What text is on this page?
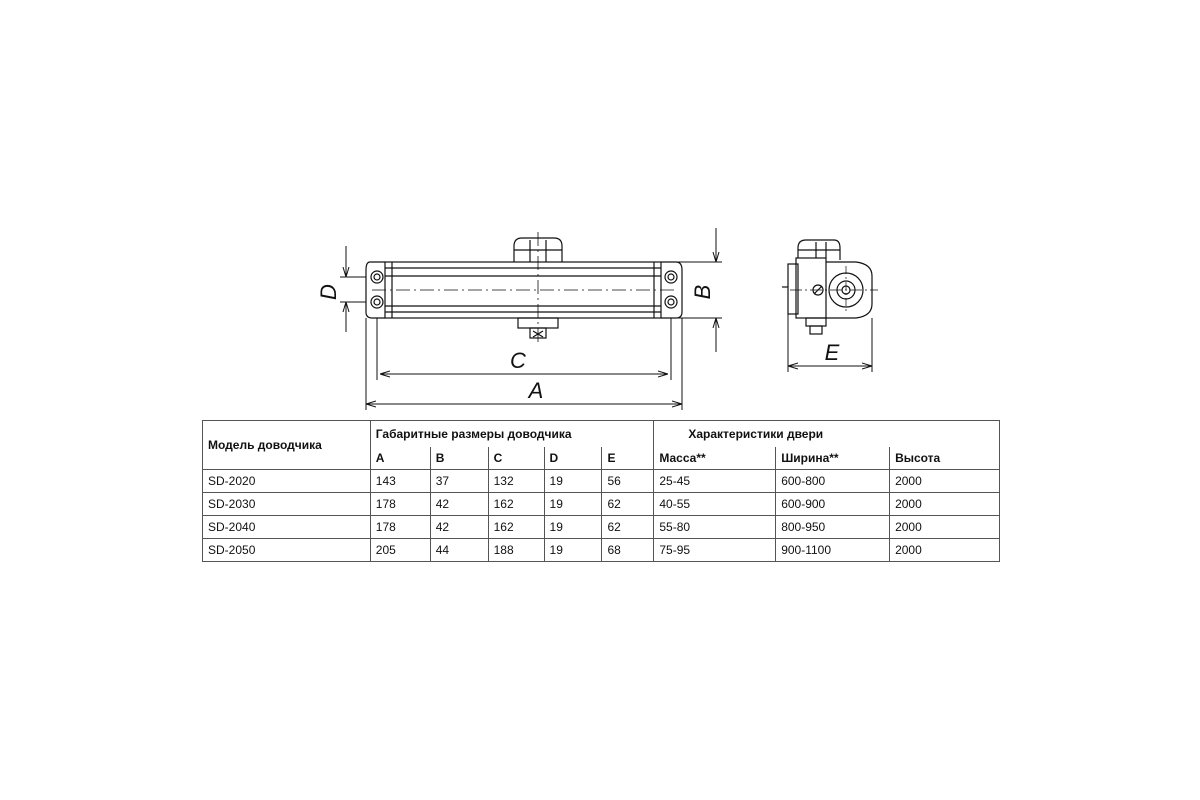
D	B
C
A
E
Модель доводчика	Габаритные размеры доводчика					Характеристики двери		
	A	B	C	D	E	Масса**	Ширина**	Высота
SD-2020	143	37	132	19	56	25-45	600-800	2000
SD-2030	178	42	162	19	62	40-55	600-900	2000
SD-2040	178	42	162	19	62	55-80	800-950	2000
SD-2050	205	44	188	19	68	75-95	900-1100	2000
